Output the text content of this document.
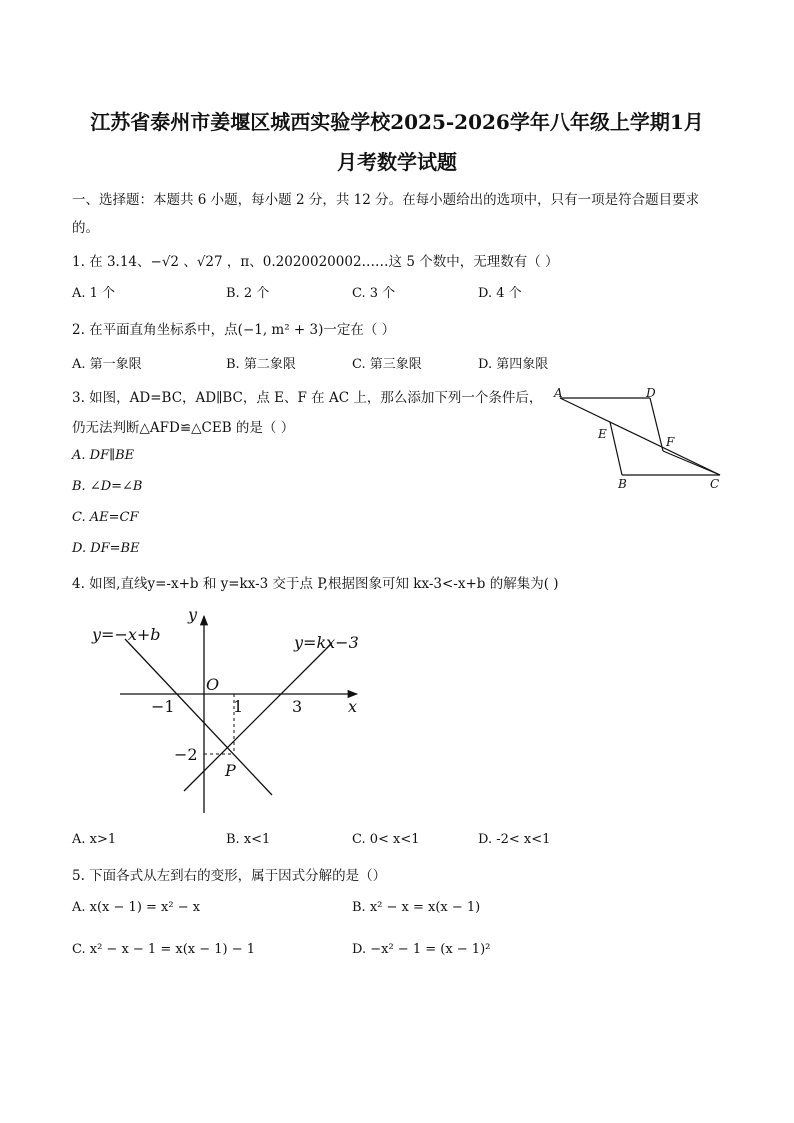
江苏省泰州市姜堰区城西实验学校2025-2026学年八年级上学期1月
月考数学试题
一、选择题：本题共 6 小题，每小题 2 分，共 12 分。在每小题给出的选项中，只有一项是符合题目要求
的。
1. 在 3.14、−√2 、√27 ，π、0.2020020002……这 5 个数中，无理数有（ ）
A. 1 个	B. 2 个	C. 3 个	D. 4 个
2. 在平面直角坐标系中，点(−1, m² + 3)一定在（ ）
A. 第一象限	B. 第二象限	C. 第三象限	D. 第四象限
3. 如图，AD=BC，AD∥BC，点 E、F 在 AC 上，那么添加下列一个条件后，
仍无法判断△AFD≌△CEB 的是（ ）
A. DF∥BE
B. ∠D=∠B
C. AE=CF
D. DF=BE
A	D
E
F
B	C
4. 如图,直线y=-x+b 和 y=kx-3 交于点 P,根据图象可知 kx-3<-x+b 的解集为( )
y
x
O
y=−x+b	y=kx−3
−1	1	3
−2
P
A. x>1	B. x<1	C. 0< x<1	D. -2< x<1
5. 下面各式从左到右的变形，属于因式分解的是（）
A. x(x − 1) = x² − x	B. x² − x = x(x − 1)
C. x² − x − 1 = x(x − 1) − 1	D. −x² − 1 = (x − 1)²
